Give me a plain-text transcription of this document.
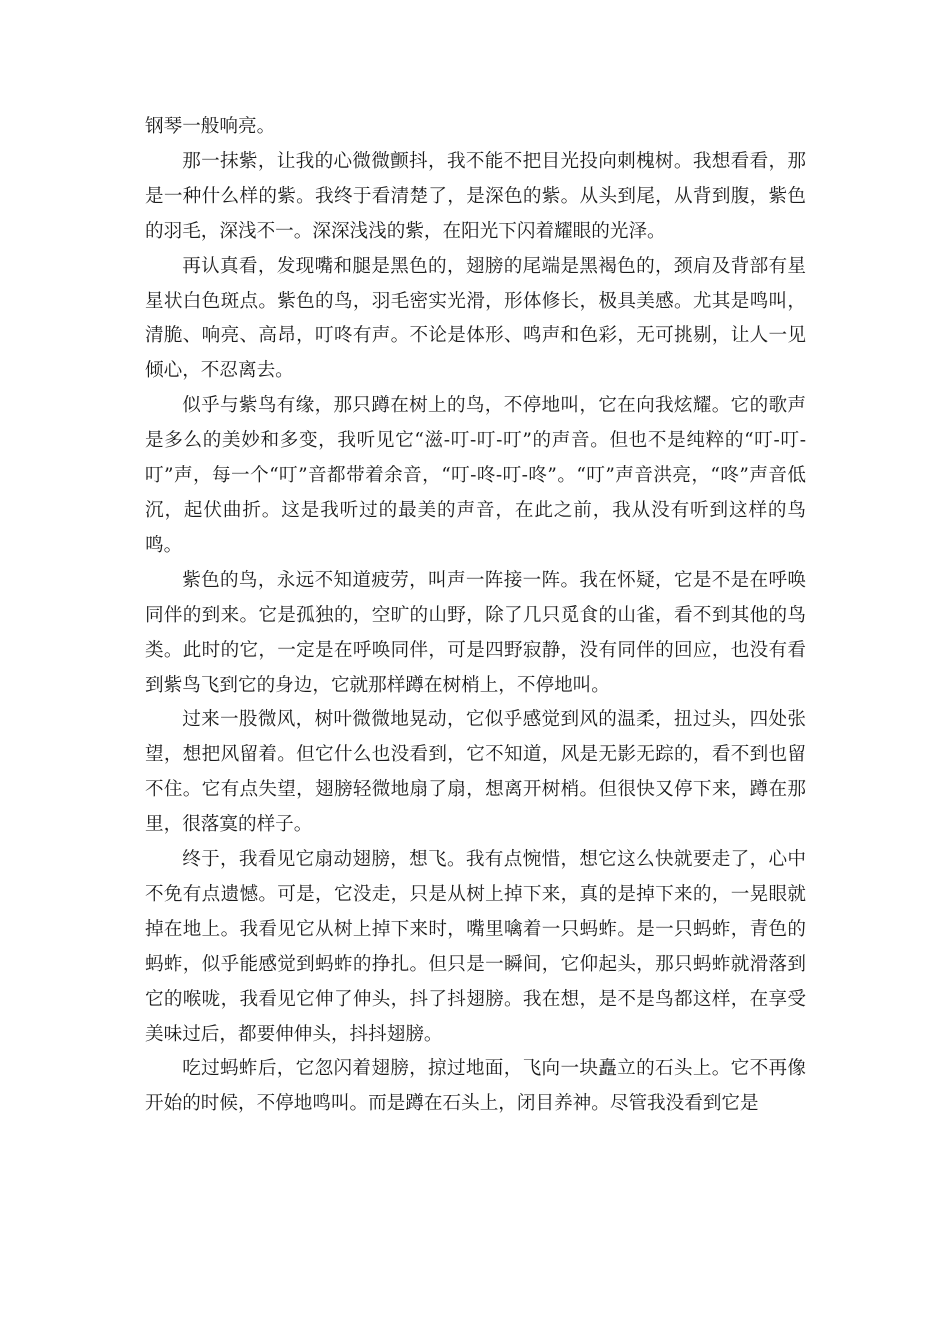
钢琴一般响亮。

那一抹紫，让我的心微微颤抖，我不能不把目光投向刺槐树。我想看看，那是一种什么样的紫。我终于看清楚了，是深色的紫。从头到尾，从背到腹，紫色的羽毛，深浅不一。深深浅浅的紫，在阳光下闪着耀眼的光泽。

再认真看，发现嘴和腿是黑色的，翅膀的尾端是黑褐色的，颈肩及背部有星星状白色斑点。紫色的鸟，羽毛密实光滑，形体修长，极具美感。尤其是鸣叫，清脆、响亮、高昂，叮咚有声。不论是体形、鸣声和色彩，无可挑剔，让人一见倾心，不忍离去。

似乎与紫鸟有缘，那只蹲在树上的鸟，不停地叫，它在向我炫耀。它的歌声是多么的美妙和多变，我听见它“滋-叮-叮-叮”的声音。但也不是纯粹的“叮-叮-叮”声，每一个“叮”音都带着余音，“叮-咚-叮-咚”。“叮”声音洪亮，“咚”声音低沉，起伏曲折。这是我听过的最美的声音，在此之前，我从没有听到这样的鸟鸣。

紫色的鸟，永远不知道疲劳，叫声一阵接一阵。我在怀疑，它是不是在呼唤同伴的到来。它是孤独的，空旷的山野，除了几只觅食的山雀，看不到其他的鸟类。此时的它，一定是在呼唤同伴，可是四野寂静，没有同伴的回应，也没有看到紫鸟飞到它的身边，它就那样蹲在树梢上，不停地叫。

过来一股微风，树叶微微地晃动，它似乎感觉到风的温柔，扭过头，四处张望，想把风留着。但它什么也没看到，它不知道，风是无影无踪的，看不到也留不住。它有点失望，翅膀轻微地扇了扇，想离开树梢。但很快又停下来，蹲在那里，很落寞的样子。

终于，我看见它扇动翅膀，想飞。我有点惋惜，想它这么快就要走了，心中不免有点遗憾。可是，它没走，只是从树上掉下来，真的是掉下来的，一晃眼就掉在地上。我看见它从树上掉下来时，嘴里噙着一只蚂蚱。是一只蚂蚱，青色的蚂蚱，似乎能感觉到蚂蚱的挣扎。但只是一瞬间，它仰起头，那只蚂蚱就滑落到它的喉咙，我看见它伸了伸头，抖了抖翅膀。我在想，是不是鸟都这样，在享受美味过后，都要伸伸头，抖抖翅膀。

吃过蚂蚱后，它忽闪着翅膀，掠过地面，飞向一块矗立的石头上。它不再像开始的时候，不停地鸣叫。而是蹲在石头上，闭目养神。尽管我没看到它是
